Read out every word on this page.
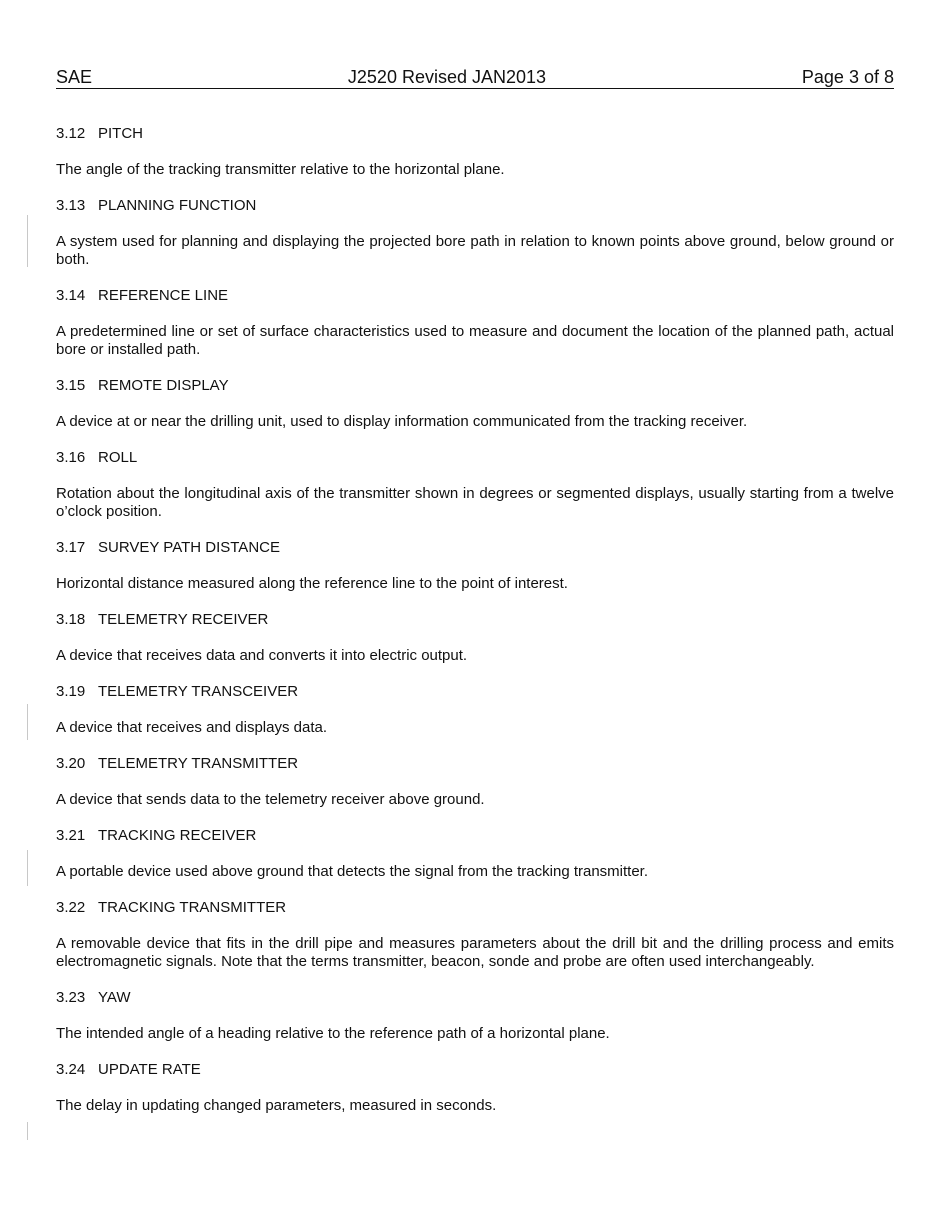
SAE	J2520 Revised JAN2013	Page 3 of 8

3.12 PITCH

The angle of the tracking transmitter relative to the horizontal plane.

3.13 PLANNING FUNCTION

A system used for planning and displaying the projected bore path in relation to known points above ground, below ground or both.

3.14 REFERENCE LINE

A predetermined line or set of surface characteristics used to measure and document the location of the planned path, actual bore or installed path.

3.15 REMOTE DISPLAY

A device at or near the drilling unit, used to display information communicated from the tracking receiver.

3.16 ROLL

Rotation about the longitudinal axis of the transmitter shown in degrees or segmented displays, usually starting from a twelve o’clock position.

3.17 SURVEY PATH DISTANCE

Horizontal distance measured along the reference line to the point of interest.

3.18 TELEMETRY RECEIVER

A device that receives data and converts it into electric output.

3.19 TELEMETRY TRANSCEIVER

A device that receives and displays data.

3.20 TELEMETRY TRANSMITTER

A device that sends data to the telemetry receiver above ground.

3.21 TRACKING RECEIVER

A portable device used above ground that detects the signal from the tracking transmitter.

3.22 TRACKING TRANSMITTER

A removable device that fits in the drill pipe and measures parameters about the drill bit and the drilling process and emits electromagnetic signals. Note that the terms transmitter, beacon, sonde and probe are often used interchangeably.

3.23 YAW

The intended angle of a heading relative to the reference path of a horizontal plane.

3.24 UPDATE RATE

The delay in updating changed parameters, measured in seconds.
